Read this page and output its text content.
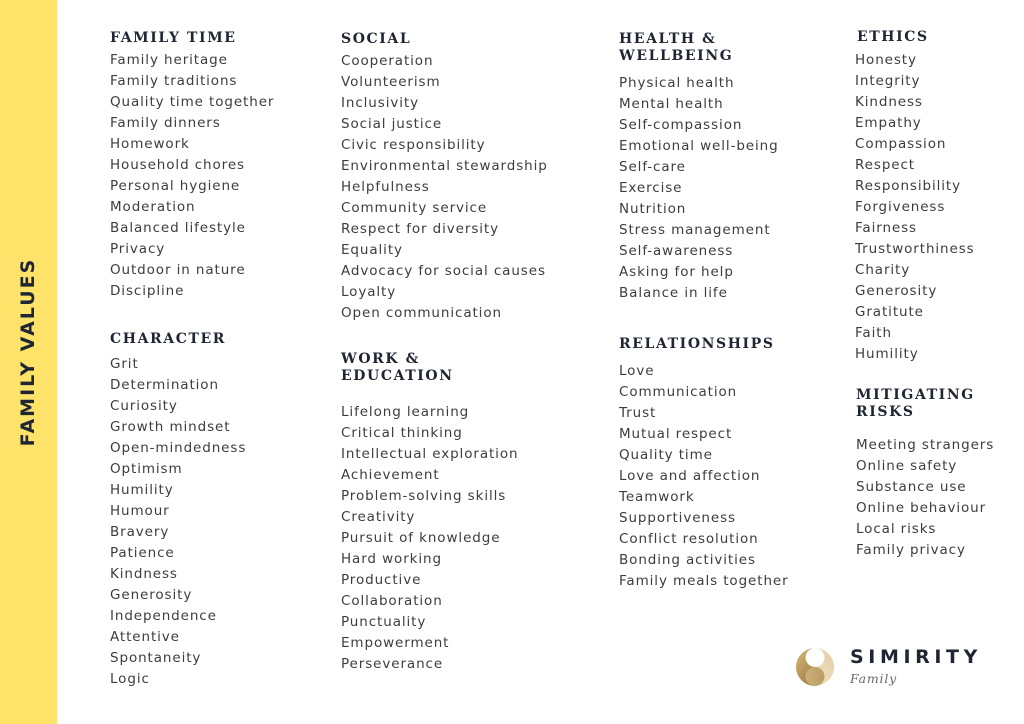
FAMILY VALUES
FAMILY TIME
Family heritage
Family traditions
Quality time together
Family dinners
Homework
Household chores
Personal hygiene
Moderation
Balanced lifestyle
Privacy
Outdoor in nature
Discipline
CHARACTER
Grit
Determination
Curiosity
Growth mindset
Open-mindedness
Optimism
Humility
Humour
Bravery
Patience
Kindness
Generosity
Independence
Attentive
Spontaneity
Logic
SOCIAL
Cooperation
Volunteerism
Inclusivity
Social justice
Civic responsibility
Environmental stewardship
Helpfulness
Community service
Respect for diversity
Equality
Advocacy for social causes
Loyalty
Open communication
WORK & EDUCATION
Lifelong learning
Critical thinking
Intellectual exploration
Achievement
Problem-solving skills
Creativity
Pursuit of knowledge
Hard working
Productive
Collaboration
Punctuality
Empowerment
Perseverance
HEALTH & WELLBEING
Physical health
Mental health
Self-compassion
Emotional well-being
Self-care
Exercise
Nutrition
Stress management
Self-awareness
Asking for help
Balance in life
RELATIONSHIPS
Love
Communication
Trust
Mutual respect
Quality time
Love and affection
Teamwork
Supportiveness
Conflict resolution
Bonding activities
Family meals together
ETHICS
Honesty
Integrity
Kindness
Empathy
Compassion
Respect
Responsibility
Forgiveness
Fairness
Trustworthiness
Charity
Generosity
Gratitute
Faith
Humility
MITIGATING RISKS
Meeting strangers
Online safety
Substance use
Online behaviour
Local risks
Family privacy
SIMIRITY
Family
